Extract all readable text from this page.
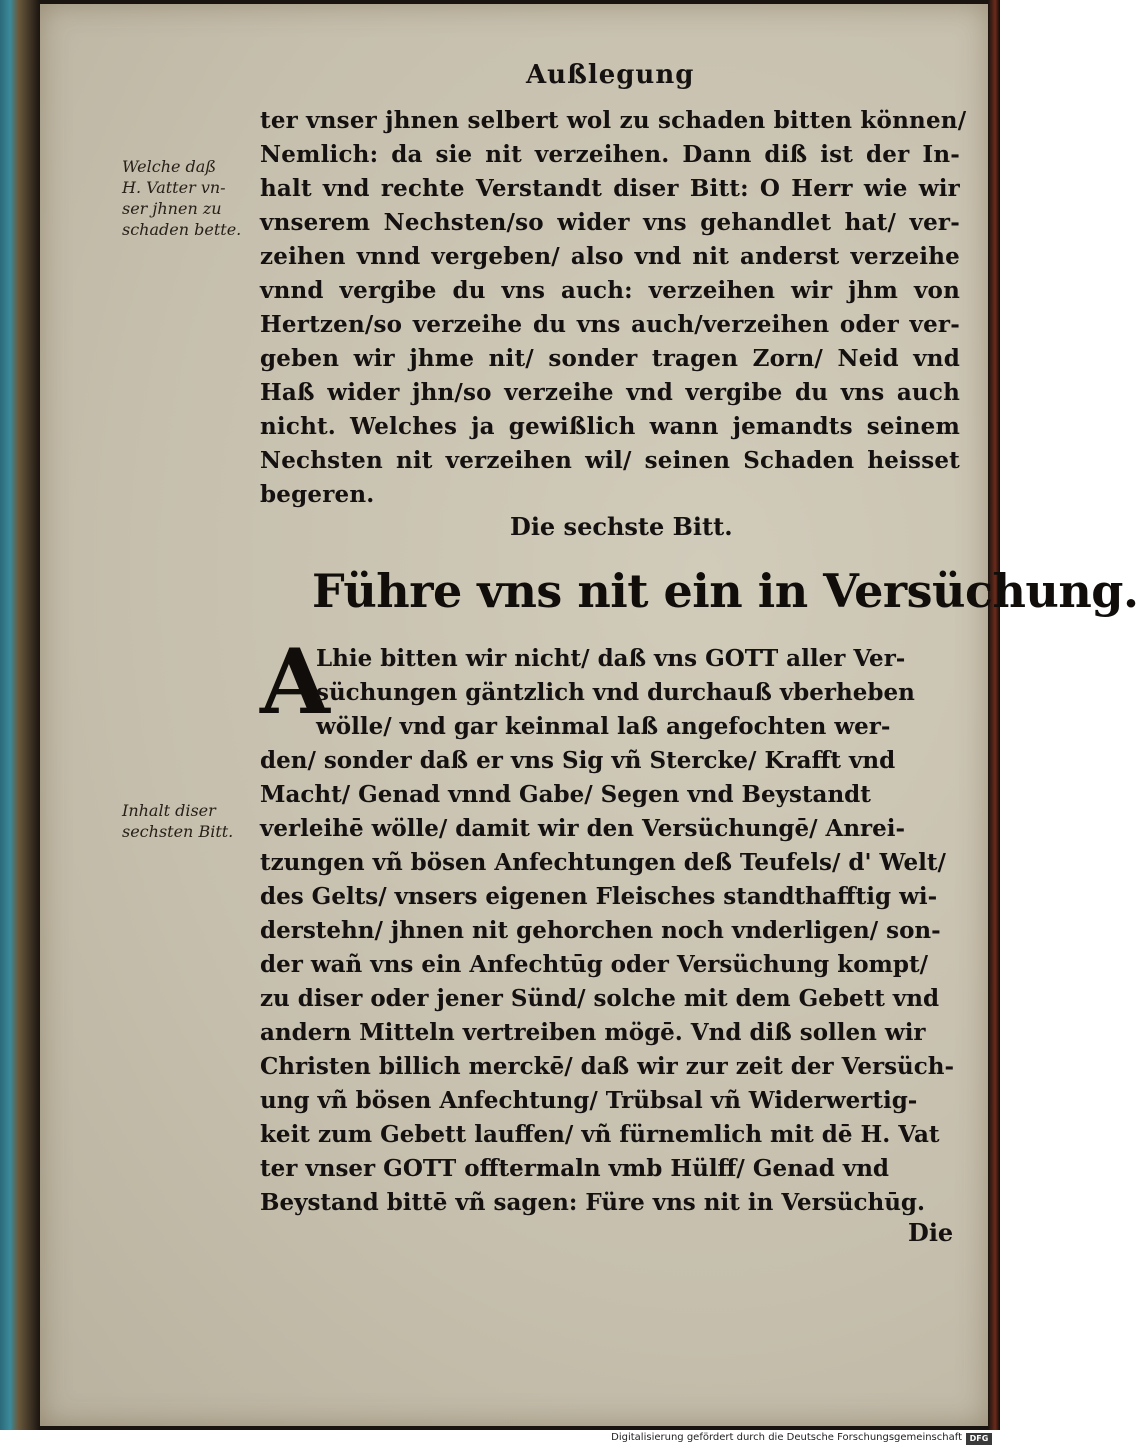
Außlegung
ter vnser jhnen selbert wol zu schaden bitten können/
Nemlich: da sie nit verzeihen. Dann diß ist der In-
halt vnd rechte Verstandt diser Bitt: O Herr wie wir
vnserem Nechsten/so wider vns gehandlet hat/ ver-
zeihen vnnd vergeben/ also vnd nit anderst verzeihe
vnnd vergibe du vns auch: verzeihen wir jhm von
Hertzen/so verzeihe du vns auch/verzeihen oder ver-
geben wir jhme nit/ sonder tragen Zorn/ Neid vnd
Haß wider jhn/so verzeihe vnd vergibe du vns auch
nicht. Welches ja gewißlich wann jemandts seinem
Nechsten nit verzeihen wil/ seinen Schaden heisset
begeren.
Welche daß
H. Vatter vn-
ser jhnen zu
schaden bette.
Die sechste Bitt.
Führe vns nit ein in Versüchung.
A
Lhie bitten wir nicht/ daß vns GOTT aller Ver-
süchungen gäntzlich vnd durchauß vberheben
wölle/ vnd gar keinmal laß angefochten wer-
den/ sonder daß er vns Sig vñ Stercke/ Krafft vnd
Macht/ Genad vnnd Gabe/ Segen vnd Beystandt
verleihē wölle/ damit wir den Versüchungē/ Anrei-
tzungen vñ bösen Anfechtungen deß Teufels/ d' Welt/
des Gelts/ vnsers eigenen Fleisches standthafftig wi-
derstehn/ jhnen nit gehorchen noch vnderligen/ son-
der wañ vns ein Anfechtūg oder Versüchung kompt/
zu diser oder jener Sünd/ solche mit dem Gebett vnd
andern Mitteln vertreiben mögē. Vnd diß sollen wir
Christen billich merckē/ daß wir zur zeit der Versüch-
ung vñ bösen Anfechtung/ Trübsal vñ Widerwertig-
keit zum Gebett lauffen/ vñ fürnemlich mit dē H. Vat
ter vnser GOTT offtermaln vmb Hülff/ Genad vnd
Beystand bittē vñ sagen: Füre vns nit in Versüchūg.
Inhalt diser
sechsten Bitt.
Die
Digitalisierung gefördert durch die Deutsche Forschungsgemeinschaft DFG
